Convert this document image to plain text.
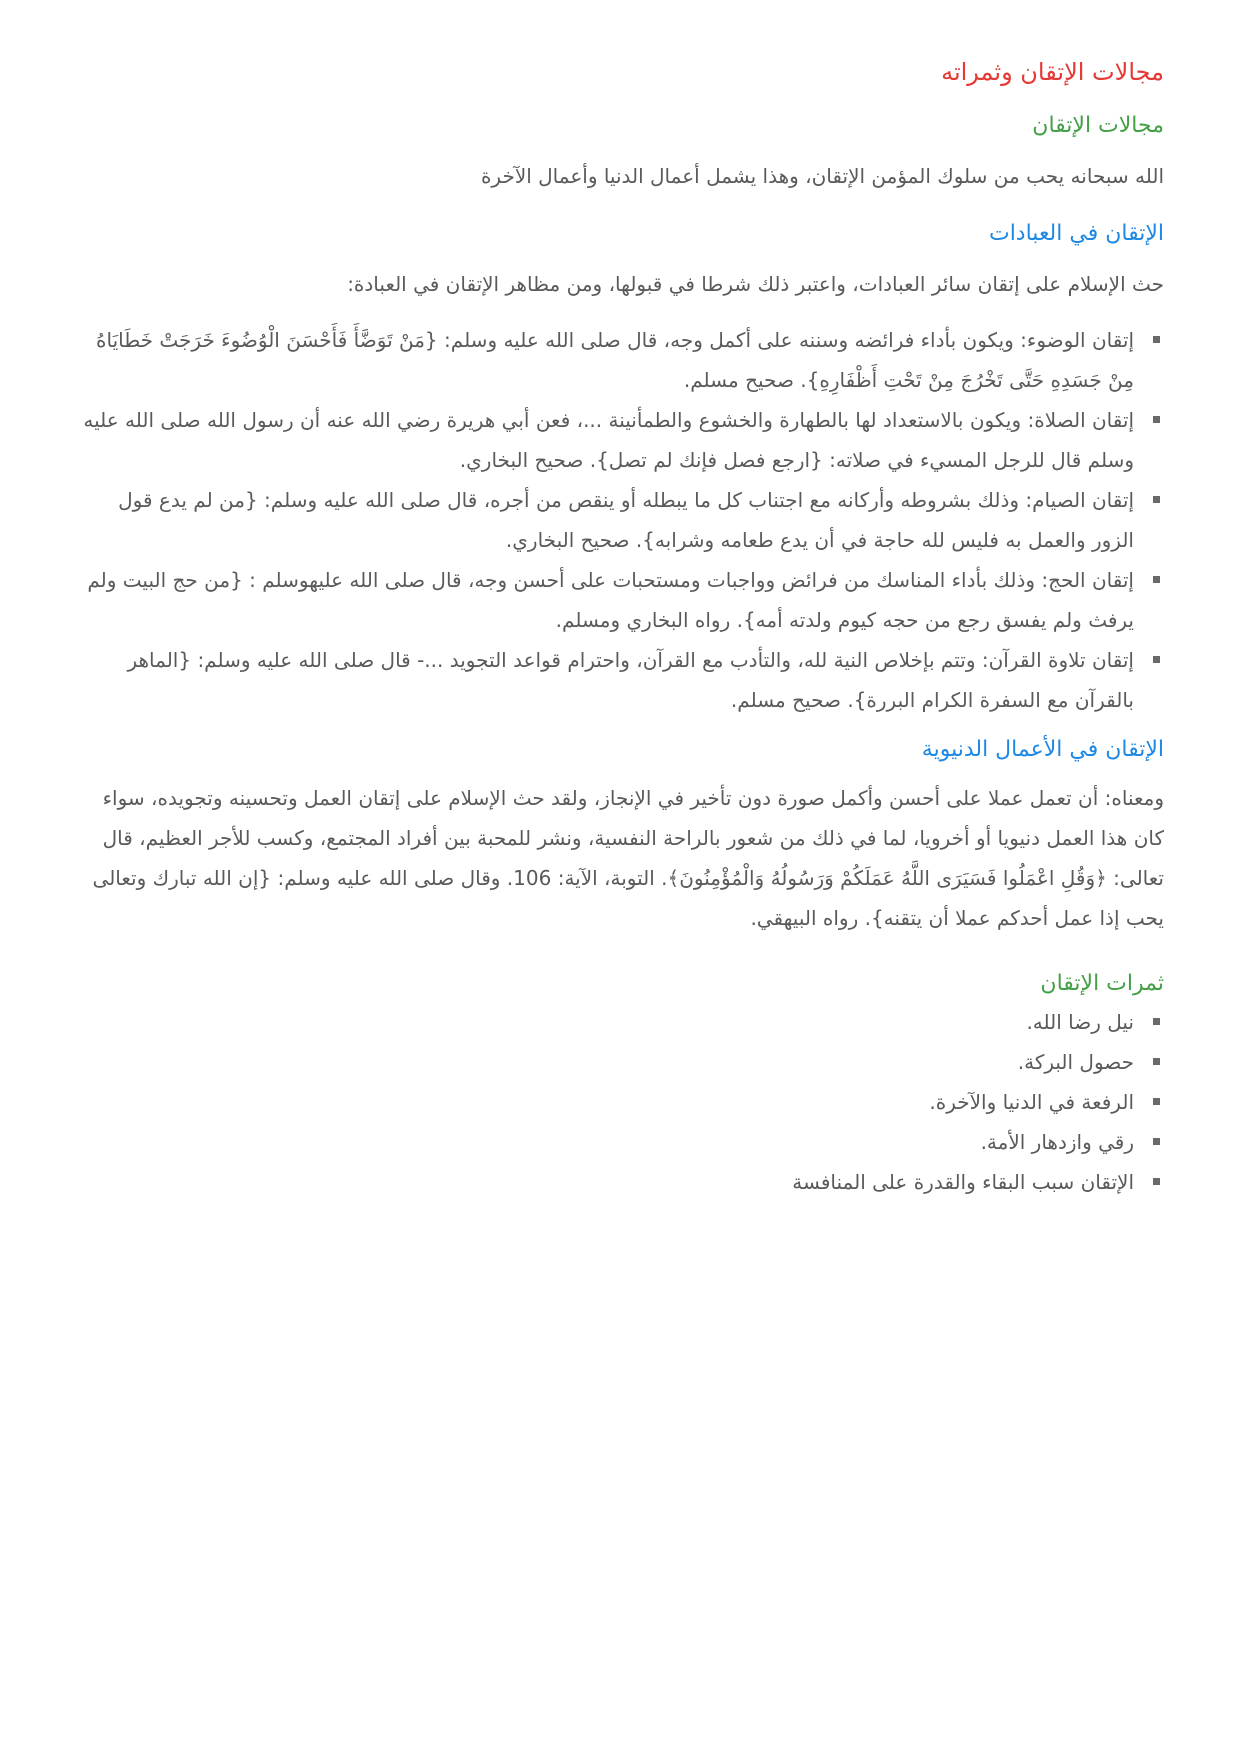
مجالات الإتقان وثمراته
مجالات الإتقان

الله سبحانه يحب من سلوك المؤمن الإتقان، وهذا يشمل أعمال الدنيا وأعمال الآخرة

الإتقان في العبادات

حث الإسلام على إتقان سائر العبادات، واعتبر ذلك شرطا في قبولها، ومن مظاهر الإتقان في العبادة:

إتقان الوضوء: ويكون بأداء فرائضه وسننه على أكمل وجه، قال صلى الله عليه وسلم: {مَنْ تَوَضَّأَ فَأَحْسَنَ الْوُضُوءَ خَرَجَتْ خَطَايَاهُ مِنْ جَسَدِهِ حَتَّى تَخْرُجَ مِنْ تَحْتِ أَظْفَارِهِ}. صحيح مسلم.
إتقان الصلاة: ويكون بالاستعداد لها بالطهارة والخشوع والطمأنينة ...، فعن أبي هريرة رضي الله عنه أن رسول الله صلى الله عليه وسلم قال للرجل المسيء في صلاته: {ارجع فصل فإنك لم تصل}. صحيح البخاري.
إتقان الصيام: وذلك بشروطه وأركانه مع اجتناب كل ما يبطله أو ينقص من أجره، قال صلى الله عليه وسلم: {من لم يدع قول الزور والعمل به فليس لله حاجة في أن يدع طعامه وشرابه}. صحيح البخاري.
إتقان الحج: وذلك بأداء المناسك من فرائض وواجبات ومستحبات على أحسن وجه، قال صلى الله عليهوسلم : {من حج البيت ولم يرفث ولم يفسق رجع من حجه كيوم ولدته أمه}. رواه البخاري ومسلم.
إتقان تلاوة القرآن: وتتم بإخلاص النية لله، والتأدب مع القرآن، واحترام قواعد التجويد ...- قال صلى الله عليه وسلم: {الماهر بالقرآن مع السفرة الكرام البررة}. صحيح مسلم.
الإتقان في الأعمال الدنيوية

ومعناه: أن تعمل عملا على أحسن وأكمل صورة دون تأخير في الإنجاز، ولقد حث الإسلام على إتقان العمل وتحسينه وتجويده، سواء كان هذا العمل دنيويا أو أخرويا، لما في ذلك من شعور بالراحة النفسية، ونشر للمحبة بين أفراد المجتمع، وكسب للأجر العظيم، قال تعالى: ﴿وَقُلِ اعْمَلُوا فَسَيَرَى اللَّهُ عَمَلَكُمْ وَرَسُولُهُ وَالْمُؤْمِنُونَ﴾. التوبة، الآية: 106. وقال صلى الله عليه وسلم: {إن الله تبارك وتعالى يحب إذا عمل أحدكم عملا أن يتقنه}. رواه البيهقي.

ثمرات الإتقان
نيل رضا الله.
حصول البركة.
الرفعة في الدنيا والآخرة.
رقي وازدهار الأمة.
الإتقان سبب البقاء والقدرة على المنافسة
